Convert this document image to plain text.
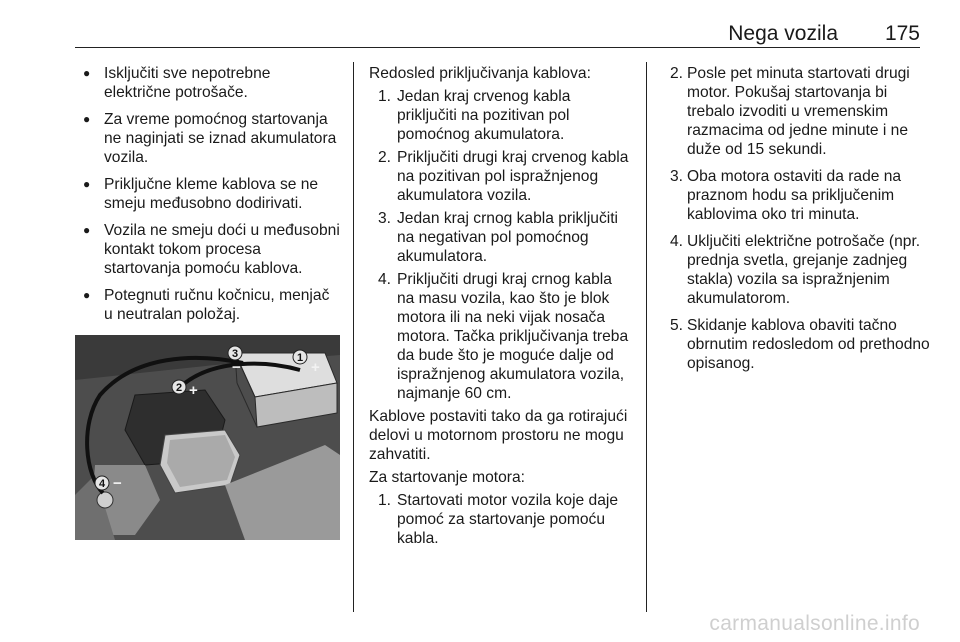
Nega vozila 175
● Isključiti sve nepotrebne električne potrošače.
● Za vreme pomoćnog startovanja ne naginjati se iznad akumulatora vozila.
● Priključne kleme kablova se ne smeju međusobno dodirivati.
● Vozila ne smeju doći u međusobni kontakt tokom procesa startovanja pomoću kablova.
● Potegnuti ručnu kočnicu, menjač u neutralan položaj.
1
2
3
4
+
+
−
−
Redosled priključivanja kablova:
1. Jedan kraj crvenog kabla priključiti na pozitivan pol pomoćnog akumulatora.
2. Priključiti drugi kraj crvenog kabla na pozitivan pol ispražnjenog akumulatora vozila.
3. Jedan kraj crnog kabla priključiti na negativan pol pomoćnog akumulatora.
4. Priključiti drugi kraj crnog kabla na masu vozila, kao što je blok motora ili na neki vijak nosača motora. Tačka priključivanja treba da bude što je moguće dalje od ispražnjenog akumulatora vozila, najmanje 60 cm.
Kablove postaviti tako da ga rotirajući delovi u motornom prostoru ne mogu zahvatiti.
Za startovanje motora:
1. Startovati motor vozila koje daje pomoć za startovanje pomoću kabla.
2. Posle pet minuta startovati drugi motor. Pokušaj startovanja bi trebalo izvoditi u vremenskim razmacima od jedne minute i ne duže od 15 sekundi.
3. Oba motora ostaviti da rade na praznom hodu sa priključenim kablovima oko tri minuta.
4. Uključiti električne potrošače (npr. prednja svetla, grejanje zadnjeg stakla) vozila sa ispražnjenim akumulatorom.
5. Skidanje kablova obaviti tačno obrnutim redosledom od prethodno opisanog.
carmanualsonline.info
